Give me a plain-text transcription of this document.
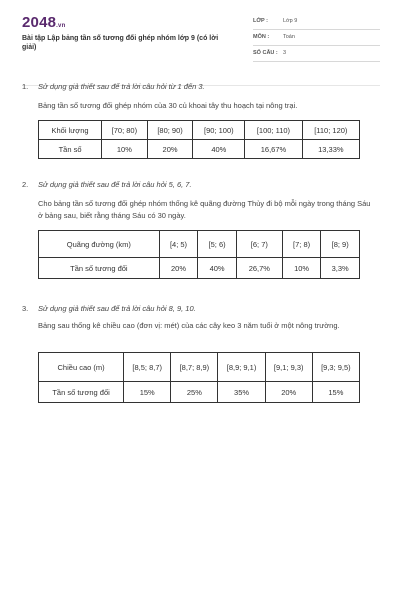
2048.vn
Bài tập Lập bảng tần số tương đối ghép nhóm lớp 9 (có lời giải)
LỚP :	Lớp 9
MÔN :	Toán
SỐ CÂU : 3
1. Sử dụng giả thiết sau để trả lời câu hỏi từ 1 đến 3.
Bảng tần số tương đối ghép nhóm của 30 củ khoai tây thu hoạch tại nông trại.
Khối lượng	[70; 80)	[80; 90)	[90; 100)	[100; 110)	[110; 120)
Tần số	10%	20%	40%	16,67%	13,33%
2. Sử dụng giả thiết sau để trả lời câu hỏi 5, 6, 7.
Cho bảng tần số tương đối ghép nhóm thống kê quãng đường Thủy đi bộ mỗi ngày trong tháng Sáu ở bảng sau, biết rằng tháng Sáu có 30 ngày.
Quãng đường (km)	[4; 5)	[5; 6)	[6; 7)	[7; 8)	[8; 9)
Tần số tương đối	20%	40%	26,7%	10%	3,3%
3. Sử dụng giả thiết sau để trả lời câu hỏi 8, 9, 10.
Bảng sau thống kê chiều cao (đơn vị: mét) của các cây keo 3 năm tuổi ở một nông trường.
Chiều cao (m)	[8,5; 8,7)	[8,7; 8,9)	[8,9; 9,1)	[9,1; 9,3)	[9,3; 9,5)
Tần số tương đối	15%	25%	35%	20%	15%
